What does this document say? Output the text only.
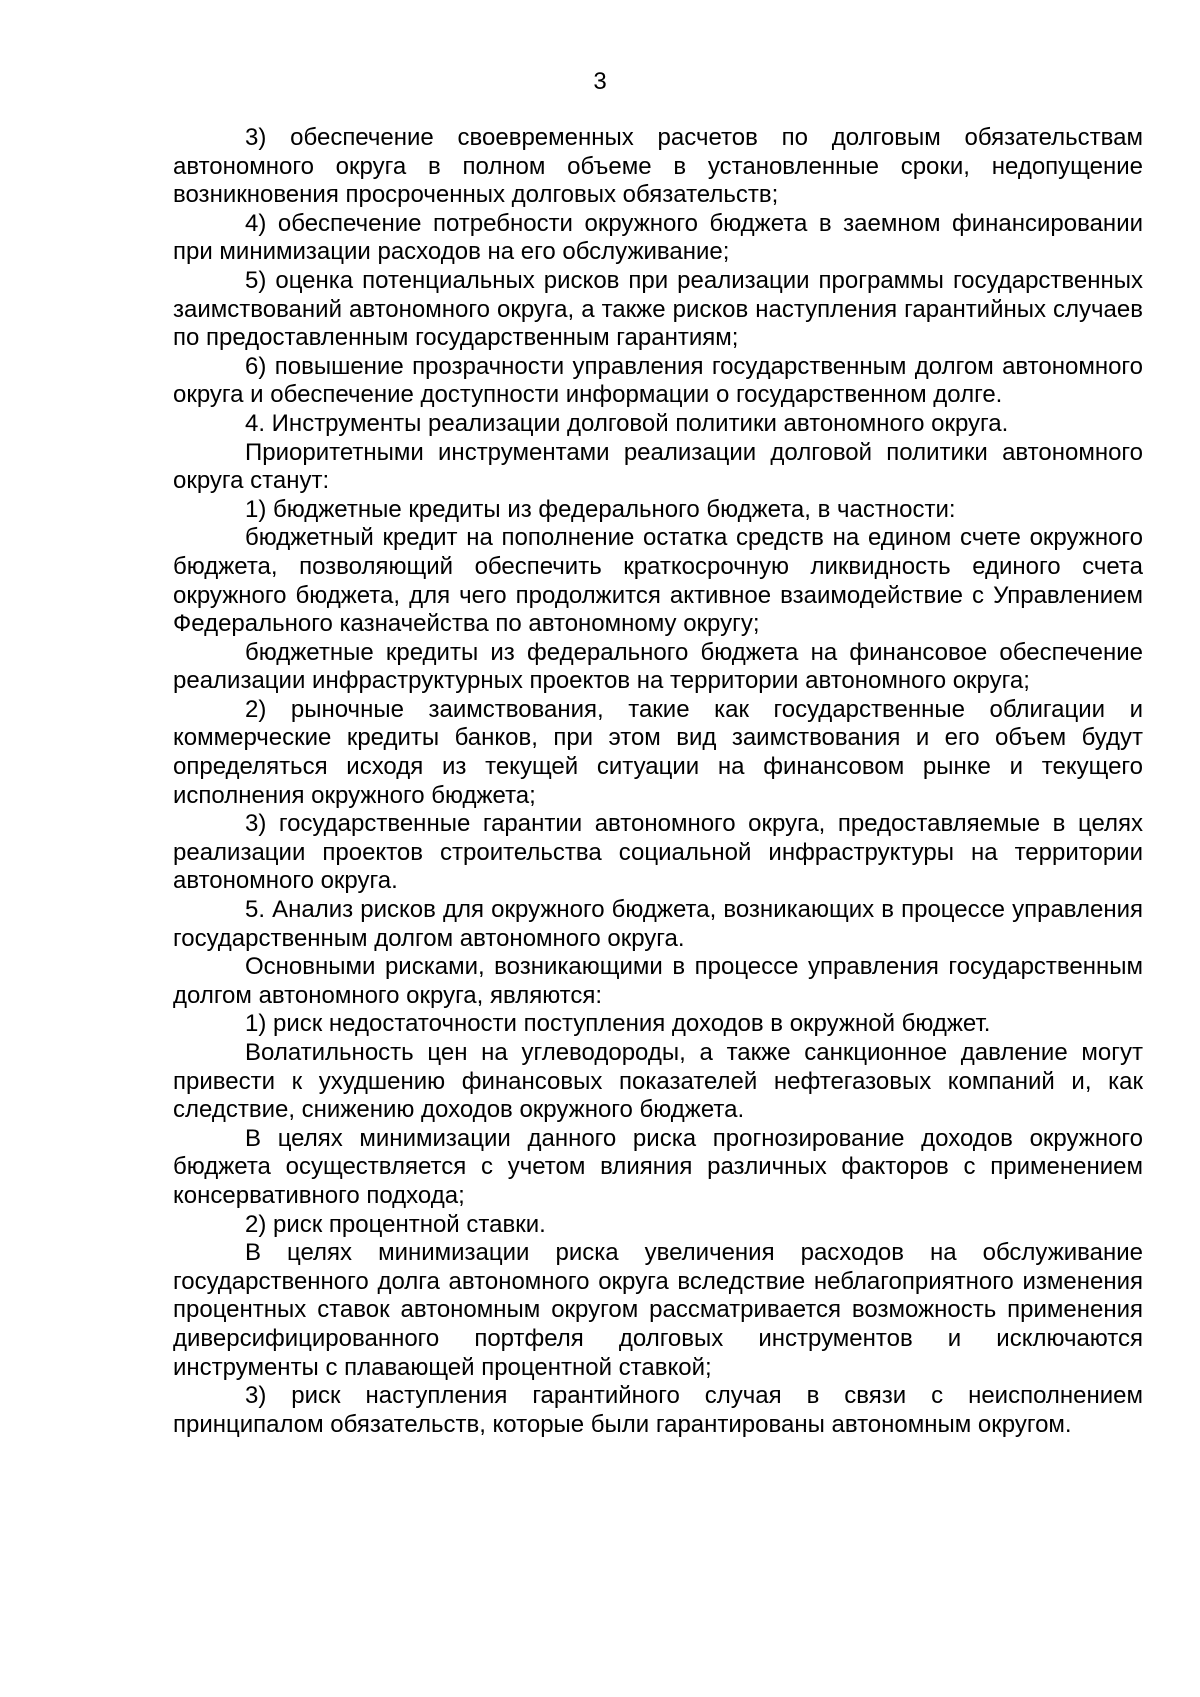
3

3) обеспечение своевременных расчетов по долговым обязательствам автономного округа в полном объеме в установленные сроки, недопущение возникновения просроченных долговых обязательств;

4) обеспечение потребности окружного бюджета в заемном финансировании при минимизации расходов на его обслуживание;

5) оценка потенциальных рисков при реализации программы государственных заимствований автономного округа, а также рисков наступления гарантийных случаев по предоставленным государственным гарантиям;

6) повышение прозрачности управления государственным долгом автономного округа и обеспечение доступности информации о государственном долге.

4. Инструменты реализации долговой политики автономного округа.

Приоритетными инструментами реализации долговой политики автономного округа станут:

1) бюджетные кредиты из федерального бюджета, в частности:

бюджетный кредит на пополнение остатка средств на едином счете окружного бюджета, позволяющий обеспечить краткосрочную ликвидность единого счета окружного бюджета, для чего продолжится активное взаимодействие с Управлением Федерального казначейства по автономному округу;

бюджетные кредиты из федерального бюджета на финансовое обеспечение реализации инфраструктурных проектов на территории автономного округа;

2) рыночные заимствования, такие как государственные облигации и коммерческие кредиты банков, при этом вид заимствования и его объем будут определяться исходя из текущей ситуации на финансовом рынке и текущего исполнения окружного бюджета;

3) государственные гарантии автономного округа, предоставляемые в целях реализации проектов строительства социальной инфраструктуры на территории автономного округа.

5. Анализ рисков для окружного бюджета, возникающих в процессе управления государственным долгом автономного округа.

Основными рисками, возникающими в процессе управления государственным долгом автономного округа, являются:

1) риск недостаточности поступления доходов в окружной бюджет.

Волатильность цен на углеводороды, а также санкционное давление могут привести к ухудшению финансовых показателей нефтегазовых компаний и, как следствие, снижению доходов окружного бюджета.

В целях минимизации данного риска прогнозирование доходов окружного бюджета осуществляется с учетом влияния различных факторов с применением консервативного подхода;

2) риск процентной ставки.

В целях минимизации риска увеличения расходов на обслуживание государственного долга автономного округа вследствие неблагоприятного изменения процентных ставок автономным округом рассматривается возможность применения диверсифицированного портфеля долговых инструментов и исключаются инструменты с плавающей процентной ставкой;

3) риск наступления гарантийного случая в связи с неисполнением принципалом обязательств, которые были гарантированы автономным округом.
